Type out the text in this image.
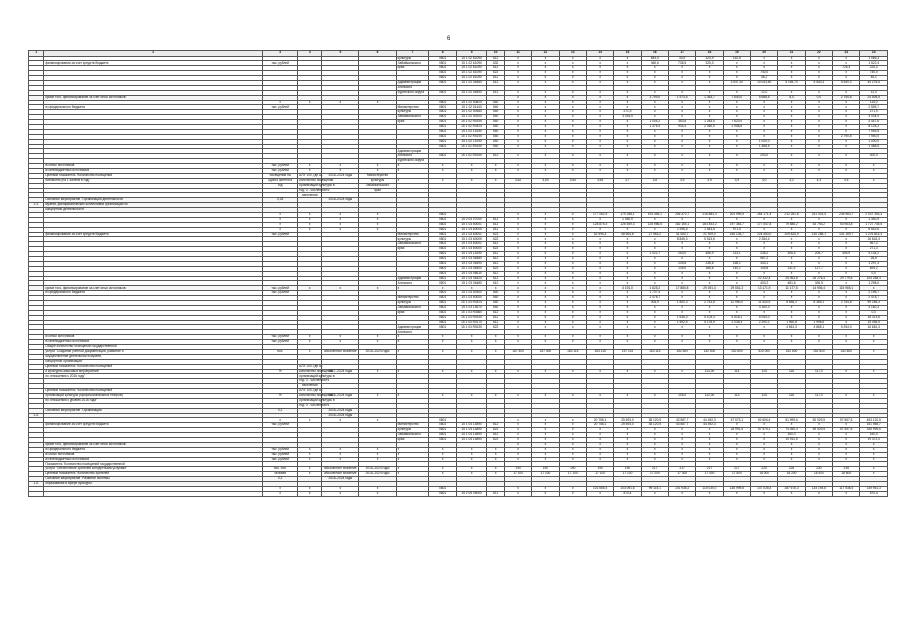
6
1	2	3	4	5	6	7	8	9	10	11	12	13	14	15	16	17	18	19	20	21	22	23	24
						культуры	0801	15 1 02 61090	612	х	х	х	х	х	844,0	34,9	324,9	152,5	х	х	х	х	1 066,3
	финансирования за счет средств бюджета	тыс. рублей				Забайкальского	0801	15 1 02 61090	632	х	х	х	х	х	460,6	736,5	325,3	х	х	х	х	х	1 522,4
						края	0801	15 1 02 61090	612	х	х	х	х	х	х	х	х	х	х	х	х	725,3	225,3
							0801	15 1 02 61090	622	х	х	х	х	х	х	х	х	х	740,0	х	х	х	740,0
							0801	15 1 02 61090	612	х	х	х	х	х	х	х	х	х	46,1	х	х	х	46,1
						Администрация	0801	15 1 02 06480	612	х	х	х	х	х	х	х	х	3 937,20	10 043,50	5 165,70	5 540,3	5 540,3	44 278,5
						Агинского																	
						Бурятского округа	0801	15 1 02 06490	612	х	х	х	х	х	х	х	х	х	12,0	х	х	х	12,0
	кроме того, финансирование за счет иных источников:									х	х	х	х	х	3 799,0	1 973,5	1 363,7	7 640,0	5 688,5	8,0	0,0	2 790,8	24 505,5
		х	х	х	х		0801	15 1 02 50820	540	х	х	х	х	х	х	х	х	х	х	х	х	х	115,0
	из федерального бюджета	тыс. рублей				Министерство	0801	15 1 02 51440	540	х	х	х	х	х	х	х	х	х	х	х	х	х	2 555,7
						культуры	0801	15 1 02 50480	540	х	х	х	х	271,9	х	х	х	х	х	х	х	х	271,9
						Забайкальского	0801	15 1 02 50200	540	х	х	х	х	3 034,9	х	х	х	х	х	х	х	х	3 034,9
						края	0801	15 1 02 R5190	540	х	х	х	х	х	1 004,2	353,8	1 283,5	7 620,0	х	х	х	х	4 447,6
							0801	15 1 02 R4670	540	х	х	х	х	х	1 376,4	934,4	2 060,0	2 958,5	х	х	х	х	8 128,3
							0801	15 1 02 L5190	540	х	х	х	х	х	х	х	х	х	х	х	х	х	7 959,5
							0801	15 1 02 R5190	540	х	х	х	х	х	х	х	х	х	х	х	х	2 790,8	7 950,0
							0801	15 1 02 L5190	540	х	х	х	х	х	х	х	х	х	1 000,0	х	х	х	1 000,0
							0801	15 1 02 R5190	540	х	х	х	х	х	х	х	х	х	1 488,5	х	х	х	1 488,5
						Администрация																	
						Агинского	0801	15 1 02 R5190	612	х	х	х	х	х	х	х	х	х	200,0	х	х	х	200,0
						Бурятского округа																	
	из иных источников	тыс. рублей	х	х	х	х	х	х	х	х	х	х	х	х	х	х	х	х	х	х	х	х	х
	из внебюджетных источников	тыс. рублей	х	х	х	х	х	х	х	х	х	х	х	х	х	х	х	х	х	х	х	х	х
	Целевой показатель "Количество посещений	посещений на	АЛУ 100, где А -	2016–2024 годы	Министерство																		
	библиотек (на 1 жителя в год)"	одного жителя в	количество посещений		культуры	х	х	х	х	3,62	3,63	3,64	3,65	3,7	3,8	3,9	3,9	3,9	4,0	4,2	4,3	4,5	х
		год	организаций культуры в		Забайкальского																		
			год; Ч - численность		края																		
			населения																				
	Основное мероприятие "Организация деятельности	0,25		2016–2024 годы																			
1.3.	музеев, филармонических коллективов организаций по																						
	концертной деятельности"																						
		х	х	х	х		0801			х	х	х	177 062,5	179 258,1	193 446,1	206 370,7	216 883,3	203 999,5	264 171,4	212 281,8	231 003,5	235 964,7	2 037 393,3
		х	х	х	х		0801	15 2 03 07000	611	х	х	х	х	1 350,9	х	х	х	х	х	х	х	х	1 350,9
		х	х	х	х		0801	15 1 03 60001	612	х	х	х	128 875,3	126 549,3	125 986,5	182 154,1	183 453,2	197 383,7	177 547,8	79 586,2	53 793,2	53 963,8	1 727 745,5
		х	х	х	х		0801	15 1 03 60005	611	х	х	х	х	х	х	2 296,5	1 543,8	971,5	х	х	х	х	6 542,6
	финансирование за счет средств бюджета	тыс. рублей				Министерство	0801	15 1 03 60001	621	х	х	х	52 595,4	48 564,8	27 983,2	41 083,7	21 929,0	156 135,7	224 483,0	209 825,9	130 288,1	141 169,7	1 276 816,3
						культуры	0801	15 1 03 60005	622	х	х	х	х	х	х	8 845,3	5 513,6	х	2 284,4	х	х	х	16 643,3
						Забайкальского	0801	15 1 03 60001	612	х	х	х	х	х	х	х	х	х	х	х	х	х	467,2
						края	0801	15 1 03 60000	622	х	х	х	х	х	х	х	х	х	х	х	х	х	271,3
							0801	15 1 03 L5190	612	х	х	х	х	х	1 022,7	253,0	456,9	113,1	235,2	306,4	205,7	494,9	4 134,2
							0801	15 1 03 06480	612	х	х	х	х	х	х	х	х	х	567,2	х	х	х	28,6
							0801	15 1 03 06490	612	х	х	х	х	х	х	239,8	236,6	166,1	343,1	х	х	х	1 297,3
							0801	15 1 03 06400	622	х	х	х	х	х	х	139,0	186,6	140,1	149,8	311,9	127,7	х	825,2
							0801	15 1 03 06610	612	х	х	х	х	х	х	х	х	х	х	х	х	х	0,0
						Администрация	0801	15 1 03 06420	612	х	х	х	х	х	х	х	х	х	22 332,4	25 063,8	26 276,4	29 779,6	104 268,3
						Агинского	0801	15 1 03 06480	612	х	х	х	х	х	х	х	х	х	403,2	481,6	326,5	х	1 298,0
	кроме того, финансирование за счет иных источников:	тыс. рублей	х	х	х	х	х	х	х	х	х	х	х	4 191,0	1 625,2	17 880,8	29 491,3	29 551,3	13 171,9	11 177,5	14 906,4	115 965,1	х
	из федерального бюджета	тыс. рублей					0801	15 1 03 50300	540	х	х	х	х	х	1 737,4	х	х	х	х	х	х	х	2 196,7
						Министерство	0801	15 1 03 60000	540	х	х	х	х	х	2 478,7	х	х	х	х	х	х	х	2 478,7
						культуры	0801	15 1 03 R4670	540	х	х	х	х	х	304,9	1 800,3	2 743,8	12 990,0	11 540,9	8 655,2	8 389,1	2 754,8	59 265,3
						Забайкальского	0801	15 1 03 L4670	540	х	х	х	х	х	х	х	х	х	4 160,3	х	х	х	4 160,3
						края	0801	15 1 03 R4660	612	х	х	х	х	х	х	х	х	х	х	х	х	х	0,0
							0801	15 1 03 R5190	612	х	х	х	х	х	х	1 638,3	5 103,3	6 518,1	5 054,0	х	х	х	18 313,6
							0801	15 1 03 R5170	612	х	х	х	х	х	х	1 592,5	5 178,9	2 038,3	2 290,2	1 960,8	1 996,6	х	15 056,5
						Администрация	0801	15 1 03 R5190	622	х	х	х	х	х	х	х	х	х	х	4 561,3	4 865,1	5 254,9	16 681,3
						Агинского																	
	из иных источников	тыс. рублей	х	х	х	х	х	х	х	х	х	х	х	х	х	х	х	х	х	х	х	х	х
	из внебюджетных источников	тыс. рублей	х	х	х	х	х	х	х	х	х	х	х	х	х	х	х	х	х	х	х	х	х
	Общее количество посещений государственной																						
	услуги "Создание учетной документации, развитие и	тыс.	х	абсолютное значение	2016–2024 годы	х	х	х	х	167 400	167 400	163 115	163 115	157 115	163 115	152 600	152 600	152 600	520 000	152 600	152 600	152 600	х
	осуществление деятельности музеев,																						
	концертной организации"																						
	Целевой показатель "Количество посещений		АЛУ 100, где А -																				
	и культурно-массовых мероприятий	%	количество посещений	2017–2024 годы	х	х	х	х	х	х	х	х	х	х	х	х	113,00	114	115	116	117,0	х	х
	по отношению к 2016 году"		организаций культуры в																				
			год; Ч - численность																				
			населения																				
	Целевой показатель "Количество посещений		АЛУ 100, где А -																				
	организаций культуры (профессиональных театров)	%	количество посещений	2016–2024 годы	х	х	х	х	х	х	х	х	х	х	х	105,0	112,00	113	115	116	117,0	х	х
	по отношению к уровню 2016 года"		организаций культуры в																				
			год; Ч - численность																				
	Основное мероприятие "Организация	0,1		2016–2024 годы																			
1.4.				2016–2024 годы																			
		х	х	х	х		0801			х	х	х	20 756,1	25 693,0	38 120,5	43 587,7	44 492,3	57 573,1	52 606,4	51 999,6	50 929,5	57 557,6	493 120,5
	финансирование за счет средств бюджета	тыс. рублей				Министерство	0801	15 1 04 14890	612	х	х	х	20 756,1	25 693,0	38 120,5	43 587,7	44 492,3	х	х	х	х	х	151 985,7
						культуры	0801	15 1 04 14890	622	х	х	х	х	х	х	х	х	18 991,5	57 575,1	74 050,4	59 929,5	57 557,6	335 995,6
						Забайкальского	0801	15 1 04 14890	612	х	х	х	х	х	х	х	х	х	х	160,0	х	х	160,0
						края	0801	15 1 04 14890	622	х	х	х	х	х	х	х	х	х	х	10 911,5	х	х	19 472,0
	кроме того, финансирование за счет иных источников:									х	х	х	х	х	х	х	х	х	х	х	х	х	х
	из федерального бюджета	тыс. рублей	х	х	х	х	х	х	х	х	х	х	х	х	х	х	х	х	х	х	х	х	х
	из иных источников	тыс. рублей	х	х	х	х	х	х	х	х	х	х	х	х	х	х	х	х	х	х	х	х	х
	из внебюджетных источников	тыс. рублей	х	х	х	х	х	х	х	х	х	х	х	х	х	х	х	х	х	х	х	х	х
	Показатель "Количество посещений государственной																						
	услуги "Обеспечение зрителей концертными услугами"	тыс. чел.	х	абсолютное значение	2016–2024 годы	х	х	х	х	190	190	190	190	190	217	217	217	217	220	225	230	235	х
	Целевой показатель "Количество зрителей	человек	х	абсолютное значение	2016–2024 годы	х	х	х	х	17 100	17 100	17 100	17 100	17 100	17 200	17 300	17 400	17 500	18 000	18 200	18 400	18 600	х
	Основное мероприятие "Развитие системы	0,1		2016–2024 годы																			
1.5.	образования в сфере культуры"																						
		х	х	х	х		0801			х	х	х	101 655,4	103 091,6	99 115,1	101 938,2	115 030,0	136 999,6	147 028,4	287 676,3	134 194,8	117 538,4	149 961,3
		х	х	х	х		0801	15 2 05 05000	611	х	х	х	х	870,4	х	х	х	х	х	х	х	х	870,4
